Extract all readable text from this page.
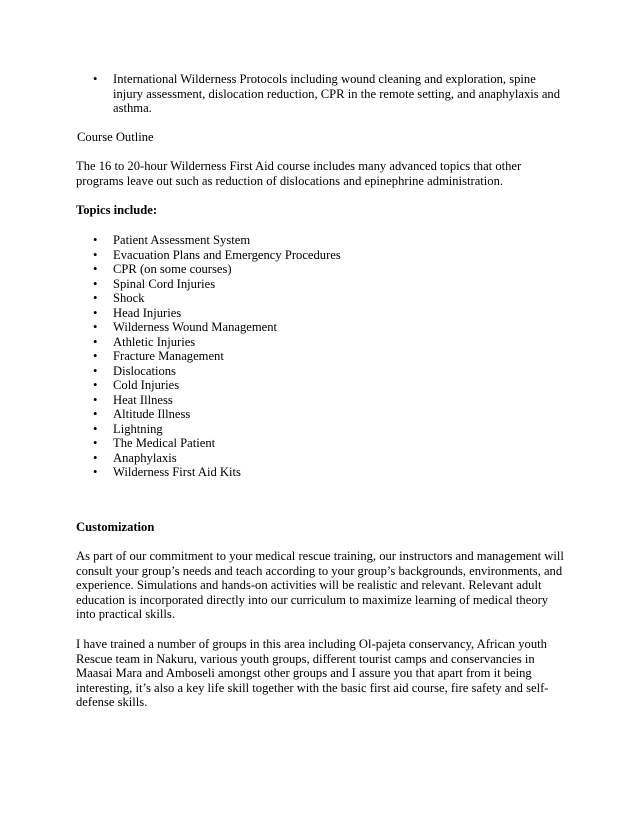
• International Wilderness Protocols including wound cleaning and exploration, spine injury assessment, dislocation reduction, CPR in the remote setting, and anaphylaxis and asthma.

Course Outline

The 16 to 20-hour Wilderness First Aid course includes many advanced topics that other programs leave out such as reduction of dislocations and epinephrine administration.

Topics include:

• Patient Assessment System
• Evacuation Plans and Emergency Procedures
• CPR (on some courses)
• Spinal Cord Injuries
• Shock
• Head Injuries
• Wilderness Wound Management
• Athletic Injuries
• Fracture Management
• Dislocations
• Cold Injuries
• Heat Illness
• Altitude Illness
• Lightning
• The Medical Patient
• Anaphylaxis
• Wilderness First Aid Kits

Customization

As part of our commitment to your medical rescue training, our instructors and management will consult your group’s needs and teach according to your group’s backgrounds, environments, and experience. Simulations and hands-on activities will be realistic and relevant. Relevant adult education is incorporated directly into our curriculum to maximize learning of medical theory into practical skills.

I have trained a number of groups in this area including Ol-pajeta conservancy, African youth Rescue team in Nakuru, various youth groups, different tourist camps and conservancies in Maasai Mara and Amboseli amongst other groups and I assure you that apart from it being interesting, it’s also a key life skill together with the basic first aid course, fire safety and self-defense skills.
